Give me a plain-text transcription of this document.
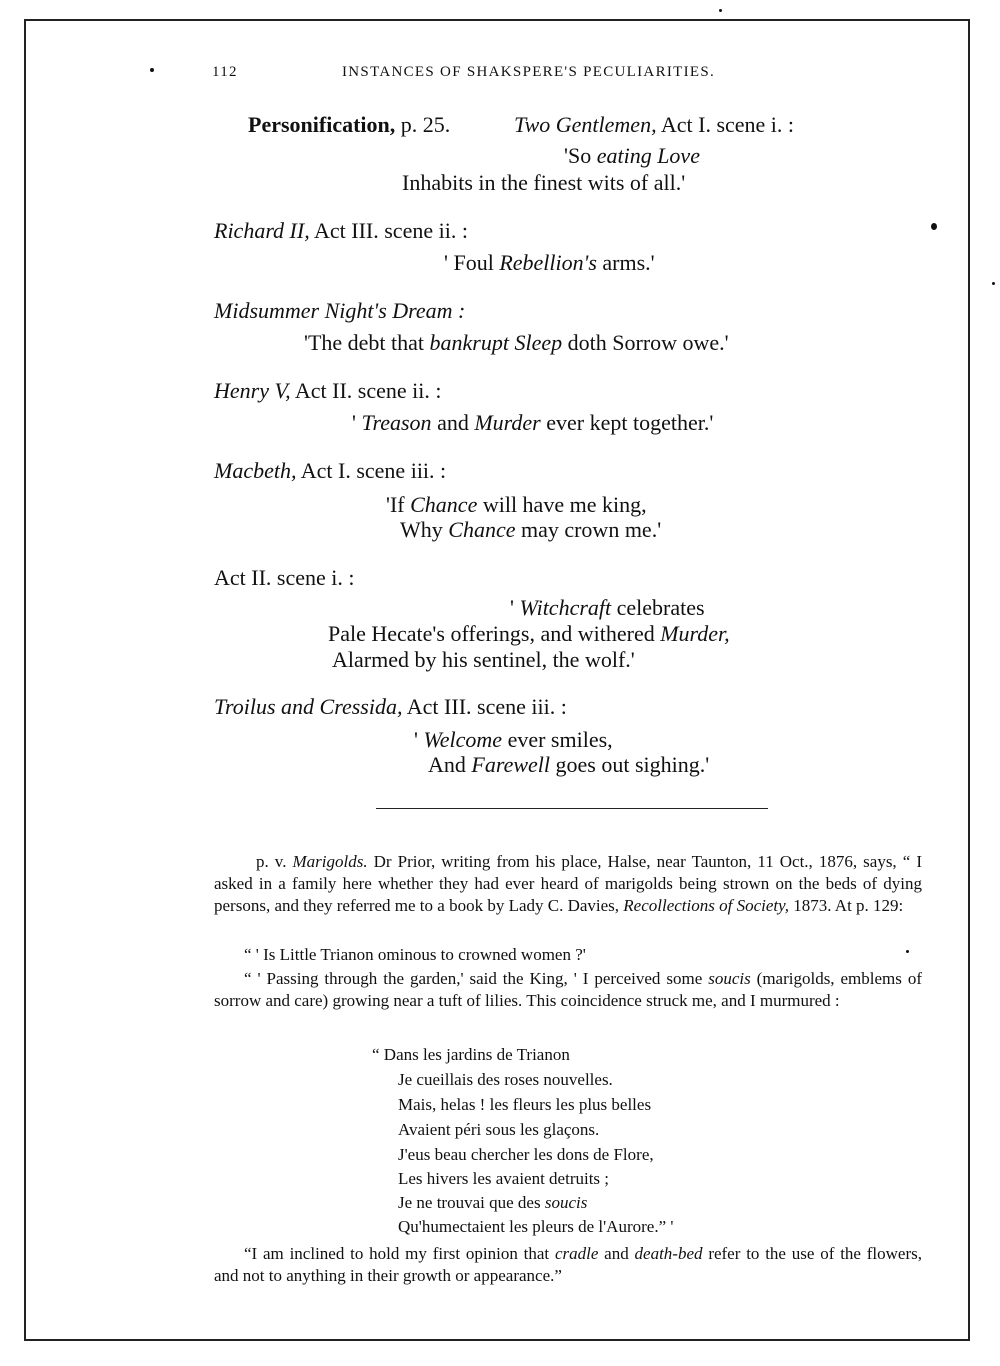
112	INSTANCES OF SHAKSPERE'S PECULIARITIES.
Personification, p. 25.	Two Gentlemen, Act I. scene i. :
'So eating Love
Inhabits in the finest wits of all.'
Richard II, Act III. scene ii. :
' Foul Rebellion's arms.'
Midsummer Night's Dream :
'The debt that bankrupt Sleep doth Sorrow owe.'
Henry V, Act II. scene ii. :
' Treason and Murder ever kept together.'
Macbeth, Act I. scene iii. :
'If Chance will have me king,
Why Chance may crown me.'
Act II. scene i. :
' Witchcraft celebrates
Pale Hecate's offerings, and withered Murder,
Alarmed by his sentinel, the wolf.'
Troilus and Cressida, Act III. scene iii. :
' Welcome ever smiles,
And Farewell goes out sighing.'
p. v. Marigolds. Dr Prior, writing from his place, Halse, near Taunton, 11 Oct., 1876, says, “ I asked in a family here whether they had ever heard of marigolds being strown on the beds of dying persons, and they referred me to a book by Lady C. Davies, Recollections of Society, 1873. At p. 129:
“ ' Is Little Trianon ominous to crowned women ?'
“ ' Passing through the garden,' said the King, ' I perceived some soucis (marigolds, emblems of sorrow and care) growing near a tuft of lilies. This coincidence struck me, and I murmured :
“ Dans les jardins de Trianon
Je cueillais des roses nouvelles.
Mais, helas ! les fleurs les plus belles
Avaient péri sous les glaçons.
J'eus beau chercher les dons de Flore,
Les hivers les avaient detruits ;
Je ne trouvai que des soucis
Qu'humectaient les pleurs de l'Aurore.” '
“I am inclined to hold my first opinion that cradle and death-bed refer to the use of the flowers, and not to anything in their growth or appearance.”
